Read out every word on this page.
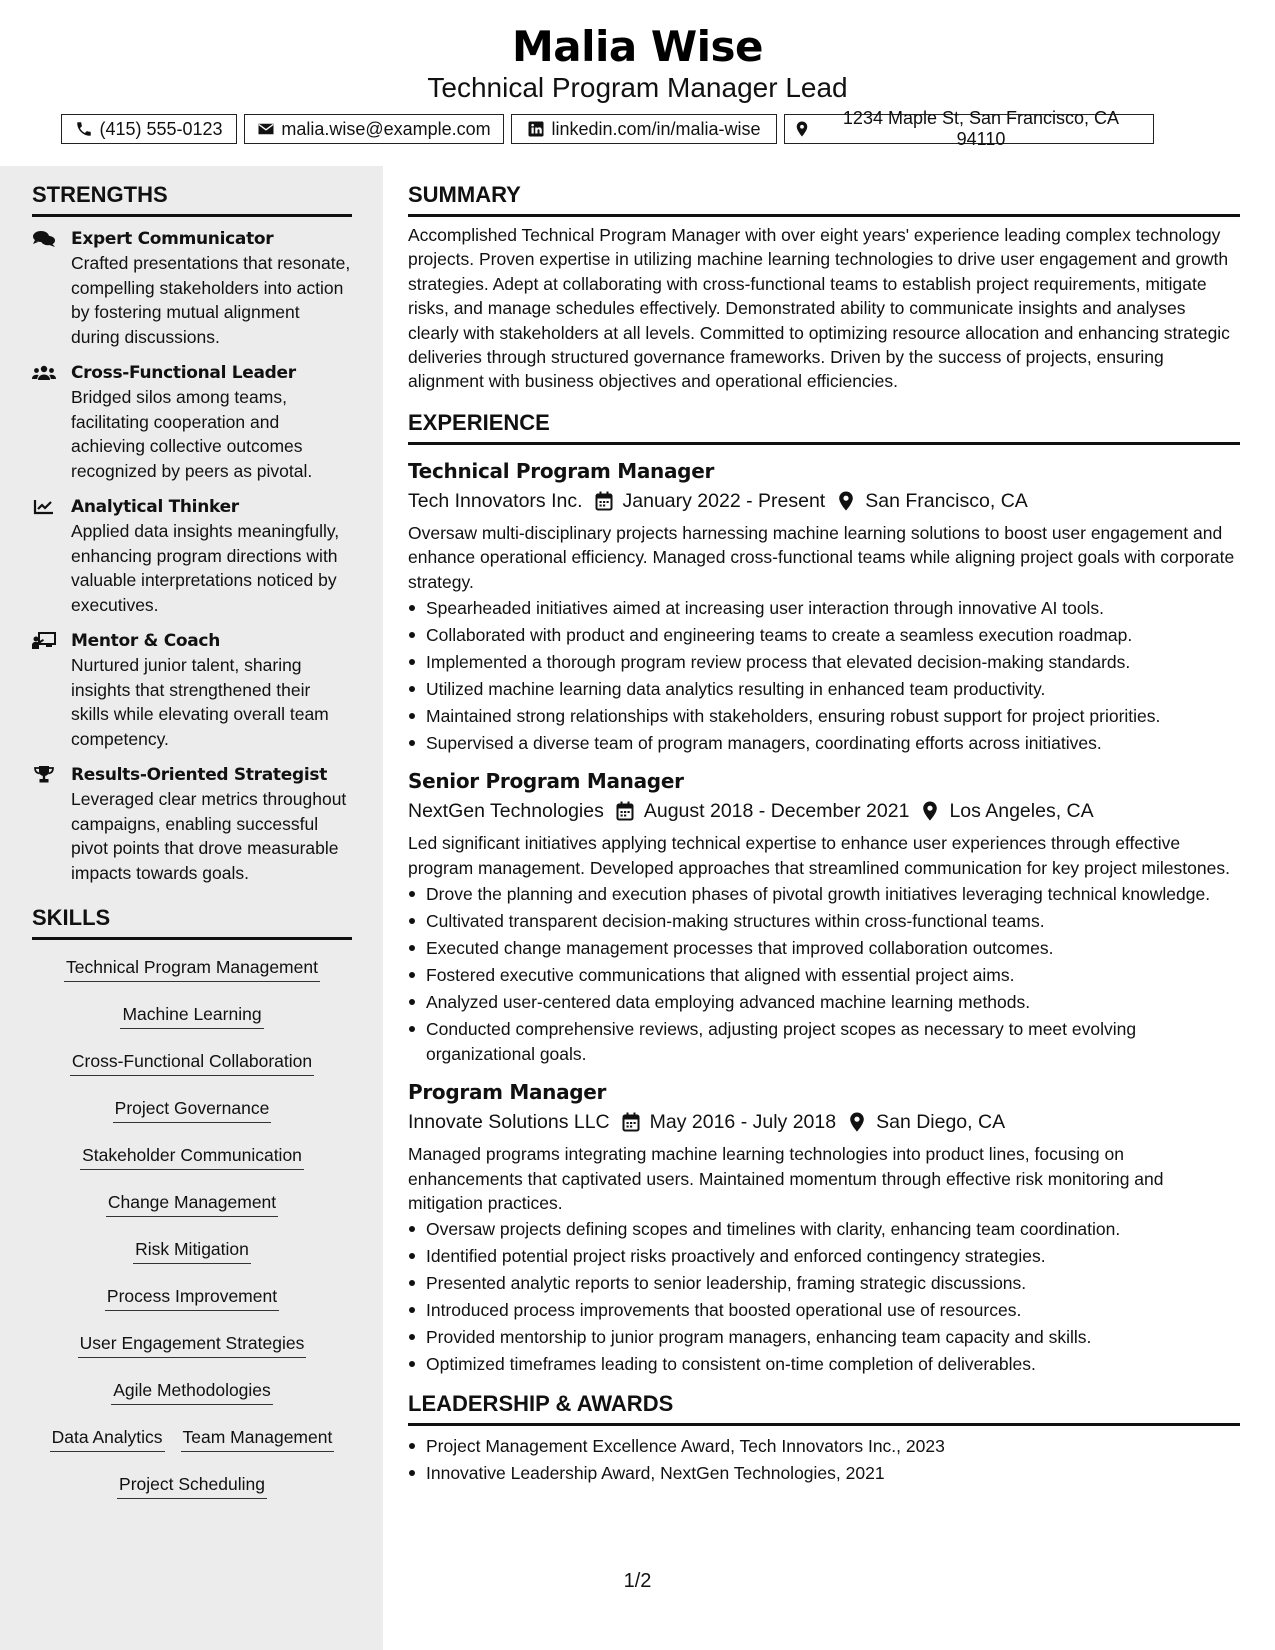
Malia Wise
Technical Program Manager Lead
(415) 555-0123	malia.wise@example.com	linkedin.com/in/malia-wise
1234 Maple St, San Francisco, CA 94110
STRENGTHS
Expert Communicator
Crafted presentations that resonate, compelling stakeholders into action by fostering mutual alignment during discussions.
Cross-Functional Leader
Bridged silos among teams, facilitating cooperation and achieving collective outcomes recognized by peers as pivotal.
Analytical Thinker
Applied data insights meaningfully, enhancing program directions with valuable interpretations noticed by executives.
Mentor & Coach
Nurtured junior talent, sharing insights that strengthened their skills while elevating overall team competency.
Results-Oriented Strategist
Leveraged clear metrics throughout campaigns, enabling successful pivot points that drove measurable impacts towards goals.
SKILLS
Technical Program Management
Machine Learning
Cross-Functional Collaboration
Project Governance
Stakeholder Communication
Change Management
Risk Mitigation
Process Improvement
User Engagement Strategies
Agile Methodologies
Data Analytics Team Management
Project Scheduling
SUMMARY
Accomplished Technical Program Manager with over eight years' experience leading complex technology projects. Proven expertise in utilizing machine learning technologies to drive user engagement and growth strategies. Adept at collaborating with cross-functional teams to establish project requirements, mitigate risks, and manage schedules effectively. Demonstrated ability to communicate insights and analyses clearly with stakeholders at all levels. Committed to optimizing resource allocation and enhancing strategic deliveries through structured governance frameworks. Driven by the success of projects, ensuring alignment with business objectives and operational efficiencies.
EXPERIENCE
Technical Program Manager
Tech Innovators Inc. January 2022 - Present San Francisco, CA
Oversaw multi-disciplinary projects harnessing machine learning solutions to boost user engagement and enhance operational efficiency. Managed cross-functional teams while aligning project goals with corporate strategy.
Spearheaded initiatives aimed at increasing user interaction through innovative AI tools.
Collaborated with product and engineering teams to create a seamless execution roadmap.
Implemented a thorough program review process that elevated decision-making standards.
Utilized machine learning data analytics resulting in enhanced team productivity.
Maintained strong relationships with stakeholders, ensuring robust support for project priorities.
Supervised a diverse team of program managers, coordinating efforts across initiatives.
Senior Program Manager
NextGen Technologies August 2018 - December 2021 Los Angeles, CA
Led significant initiatives applying technical expertise to enhance user experiences through effective program management. Developed approaches that streamlined communication for key project milestones.
Drove the planning and execution phases of pivotal growth initiatives leveraging technical knowledge.
Cultivated transparent decision-making structures within cross-functional teams.
Executed change management processes that improved collaboration outcomes.
Fostered executive communications that aligned with essential project aims.
Analyzed user-centered data employing advanced machine learning methods.
Conducted comprehensive reviews, adjusting project scopes as necessary to meet evolving organizational goals.
Program Manager
Innovate Solutions LLC May 2016 - July 2018 San Diego, CA
Managed programs integrating machine learning technologies into product lines, focusing on enhancements that captivated users. Maintained momentum through effective risk monitoring and mitigation practices.
Oversaw projects defining scopes and timelines with clarity, enhancing team coordination.
Identified potential project risks proactively and enforced contingency strategies.
Presented analytic reports to senior leadership, framing strategic discussions.
Introduced process improvements that boosted operational use of resources.
Provided mentorship to junior program managers, enhancing team capacity and skills.
Optimized timeframes leading to consistent on-time completion of deliverables.
LEADERSHIP & AWARDS
Project Management Excellence Award, Tech Innovators Inc., 2023
Innovative Leadership Award, NextGen Technologies, 2021
1/2
